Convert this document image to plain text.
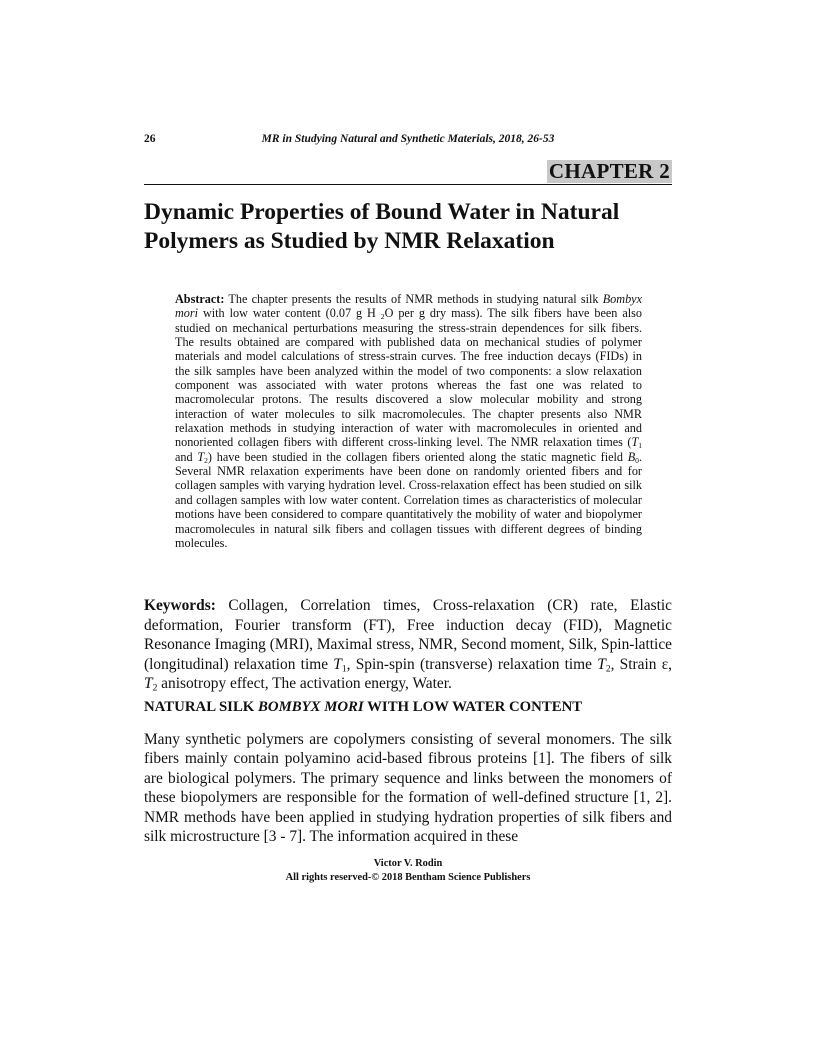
26	MR in Studying Natural and Synthetic Materials, 2018, 26-53
CHAPTER 2
Dynamic Properties of Bound Water in Natural Polymers as Studied by NMR Relaxation

Abstract: The chapter presents the results of NMR methods in studying natural silk Bombyx mori with low water content (0.07 g H $_2$O per g dry mass). The silk fibers have been also studied on mechanical perturbations measuring the stress-strain dependences for silk fibers. The results obtained are compared with published data on mechanical studies of polymer materials and model calculations of stress-strain curves. The free induction decays (FIDs) in the silk samples have been analyzed within the model of two components: a slow relaxation component was associated with water protons whereas the fast one was related to macromolecular protons. The results discovered a slow molecular mobility and strong interaction of water molecules to silk macromolecules. The chapter presents also NMR relaxation methods in studying interaction of water with macromolecules in oriented and nonoriented collagen fibers with different cross-linking level. The NMR relaxation times ($T_1$ and $T_2$) have been studied in the collagen fibers oriented along the static magnetic field $B_0$. Several NMR relaxation experiments have been done on randomly oriented fibers and for collagen samples with varying hydration level. Cross-relaxation effect has been studied on silk and collagen samples with low water content. Correlation times as characteristics of molecular motions have been considered to compare quantitatively the mobility of water and biopolymer macromolecules in natural silk fibers and collagen tissues with different degrees of binding molecules.

Keywords: Collagen, Correlation times, Cross-relaxation (CR) rate, Elastic deformation, Fourier transform (FT), Free induction decay (FID), Magnetic Resonance Imaging (MRI), Maximal stress, NMR, Second moment, Silk, Spin-lattice (longitudinal) relaxation time $T_1$, Spin-spin (transverse) relaxation time $T_2$, Strain ε, $T_2$ anisotropy effect, The activation energy, Water.

NATURAL SILK BOMBYX MORI WITH LOW WATER CONTENT

Many synthetic polymers are copolymers consisting of several monomers. The silk fibers mainly contain polyamino acid-based fibrous proteins [1]. The fibers of silk are biological polymers. The primary sequence and links between the monomers of these biopolymers are responsible for the formation of well-defined structure [1, 2]. NMR methods have been applied in studying hydration properties of silk fibers and silk microstructure [3 - 7]. The information acquired in these

Victor V. Rodin
All rights reserved-© 2018 Bentham Science Publishers
